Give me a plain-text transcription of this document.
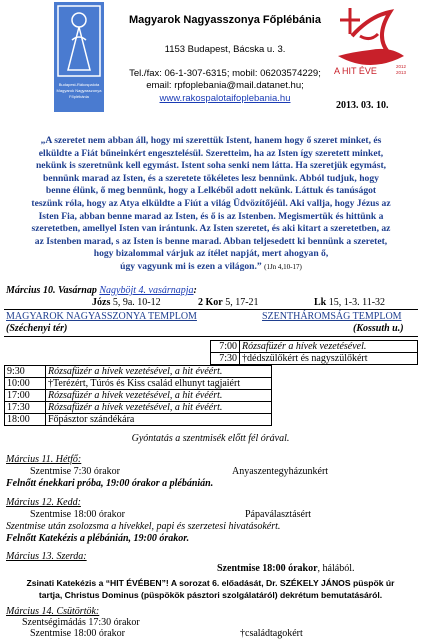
Budapest-Rákospalota
Magyarok Nagyasszonya
Főplébánia
Magyarok Nagyasszonya Főplébánia
1153 Budapest, Bácska u. 3.
Tel./fax: 06-1-307-6315; mobil: 06203574229;
email: rpfoplebania@mail.datanet.hu;
www.rakospalotaifoplebania.hu
2013. 03. 10.
A HIT ÉVE	2012
2013
„A szeretet nem abban áll, hogy mi szerettük Istent, hanem hogy ő szeret minket, és
elküldte a Fiát bűneinkért engesztelésül. Szeretteim, ha az Isten így szeretett minket,
nekünk is szeretnünk kell egymást. Istent soha senki nem látta. Ha szeretjük egymást,
bennünk marad az Isten, és a szeretete tökéletes lesz bennünk. Abból tudjuk, hogy
benne élünk, ő meg bennünk, hogy a Lelkéből adott nekünk. Láttuk és tanúságot
teszünk róla, hogy az Atya elküldte a Fiút a világ Üdvözítőjéül. Aki vallja, hogy Jézus az
Isten Fia, abban benne marad az Isten, és ő is az Istenben. Megismertük és hittünk a
szeretetben, amellyel Isten van irántunk. Az Isten szeretet, és aki kitart a szeretetben, az
az Istenben marad, s az Isten is benne marad. Abban teljesedett ki bennünk a szeretet,
hogy bizalommal várjuk az ítélet napját, mert ahogyan ő,
úgy vagyunk mi is ezen a világon.” (1Jn 4,10-17)
Március 10. Vasárnap Nagyböjt 4. vasárnapja:
Józs 5, 9a. 10-12	2 Kor 5, 17-21	Lk 15, 1-3. 11-32
MAGYAROK NAGYASSZONYA TEMPLOM
(Széchenyi tér)
SZENTHÁROMSÁG TEMPLOM
(Kossuth u.)
7:00	Rózsafüzér a hívek vezetésével.
7:30	†dédszülőkért és nagyszülőkért
9:30	Rózsafüzér a hívek vezetésével, a hit évéért.
10:00	†Terézért, Túrós és Kiss család elhunyt tagjaiért
17:00	Rózsafüzér a hívek vezetésével, a hit évéért.
17:30	Rózsafüzér a hívek vezetésével, a hit évéért.
18:00	Főpásztor szándékára
Gyóntatás a szentmisék előtt fél órával.
Március 11. Hétfő:
Szentmise 7:30 órakor	Anyaszentegyházunkért
Felnőtt énekkari próba, 19:00 órakor a plébánián.
Március 12. Kedd:
Szentmise 18:00 órakor	Pápaválasztásért
Szentmise után zsolozsma a hívekkel, papi és szerzetesi hivatásokért.
Felnőtt Katekézis a plébánián, 19:00 órakor.
Március 13. Szerda:
Szentmise 18:00 órakor, hálából.
Zsinati Katekézis a “HIT ÉVÉBEN”! A sorozat 6. előadását, Dr. SZÉKELY JÁNOS püspök úr
tartja, Christus Dominus (püspökök pásztori szolgálatáról) dekrétum bemutatásáról.
Március 14. Csütörtök:
Szentségimádás 17:30 órakor
Szentmise 18:00 órakor	†családtagokért
